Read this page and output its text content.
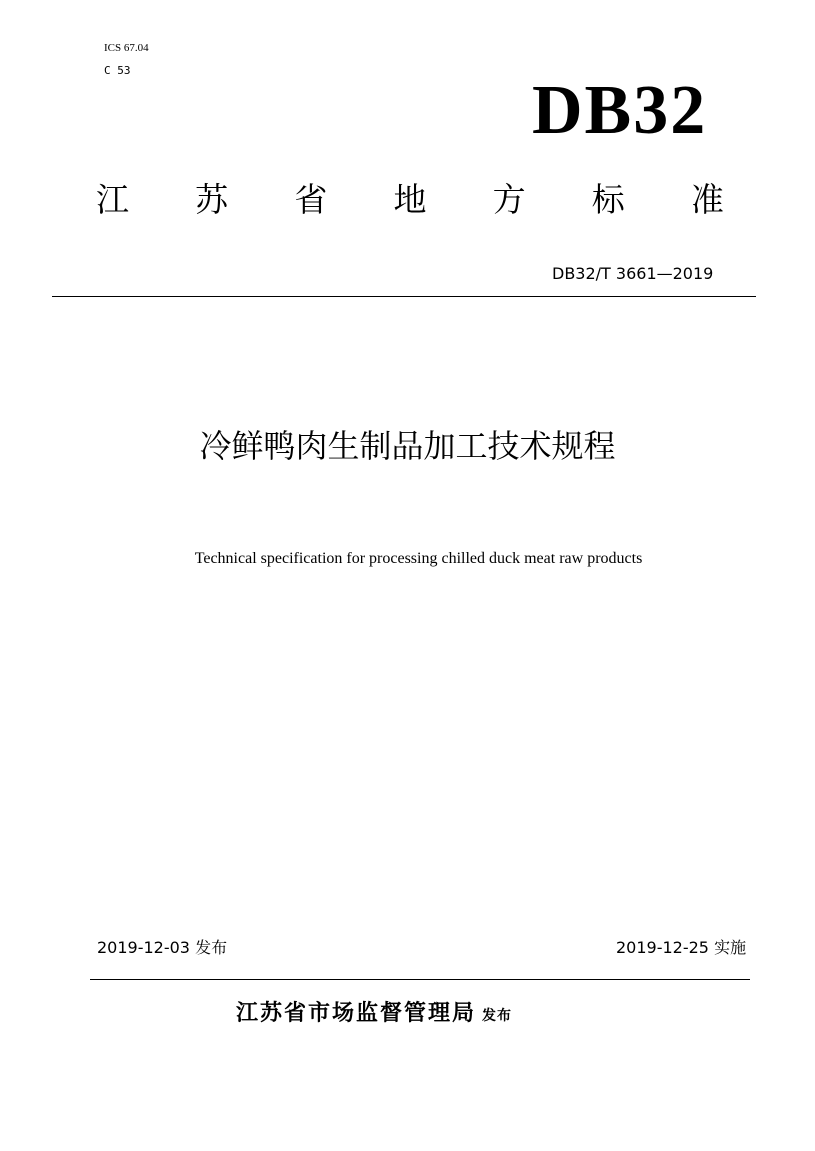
ICS 67.04
C 53
DB32
江 苏 省 地 方 标 准
DB32/T 3661—2019
冷鲜鸭肉生制品加工技术规程
Technical specification for processing chilled duck meat raw products
2019-12-03 发布	2019-12-25 实施
江苏省市场监督管理局 发布
